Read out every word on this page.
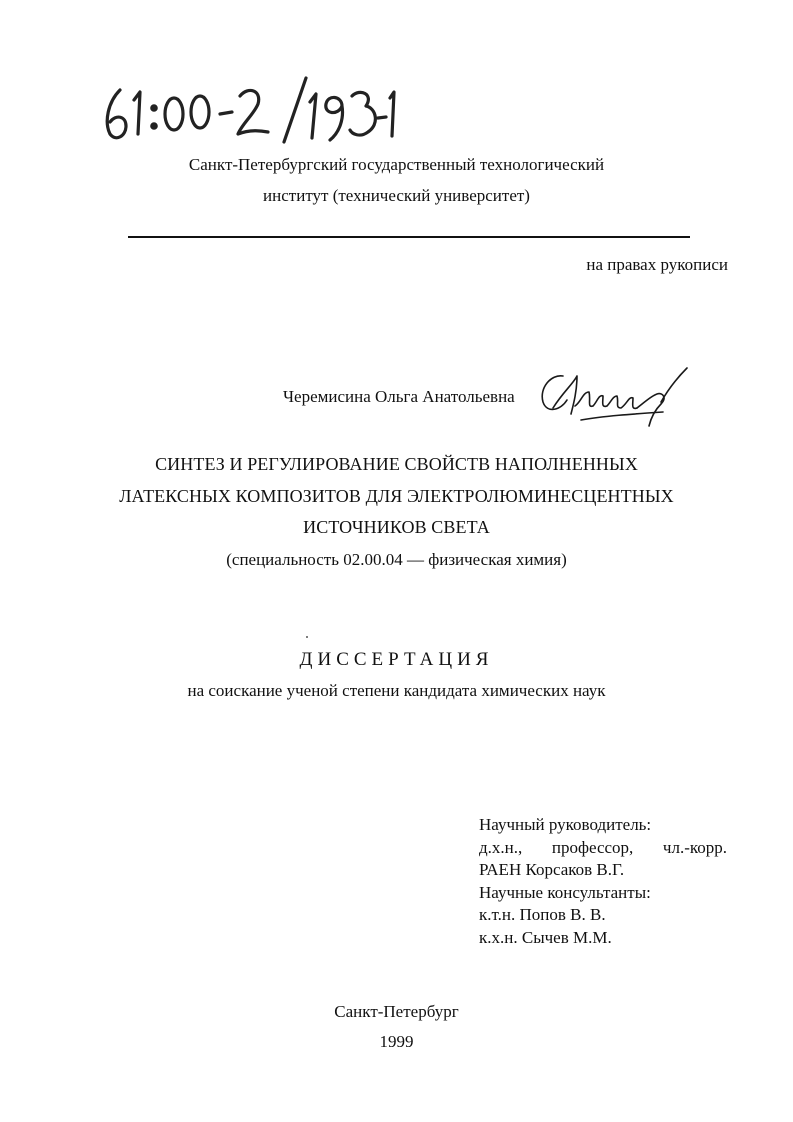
Санкт-Петербургский государственный технологический
институт (технический университет)
на правах рукописи
Черемисина Ольга Анатольевна
СИНТЕЗ И РЕГУЛИРОВАНИЕ СВОЙСТВ НАПОЛНЕННЫХ
ЛАТЕКСНЫХ КОМПОЗИТОВ ДЛЯ ЭЛЕКТРОЛЮМИНЕСЦЕНТНЫХ
ИСТОЧНИКОВ СВЕТА
(специальность 02.00.04 — физическая химия)
ДИССЕРТАЦИЯ
на соискание ученой степени кандидата химических наук
Научный руководитель:
д.х.н., профессор, чл.-корр.
РАЕН Корсаков В.Г.
Научные консультанты:
к.т.н. Попов В. В.
к.х.н. Сычев М.М.
Санкт-Петербург
1999
